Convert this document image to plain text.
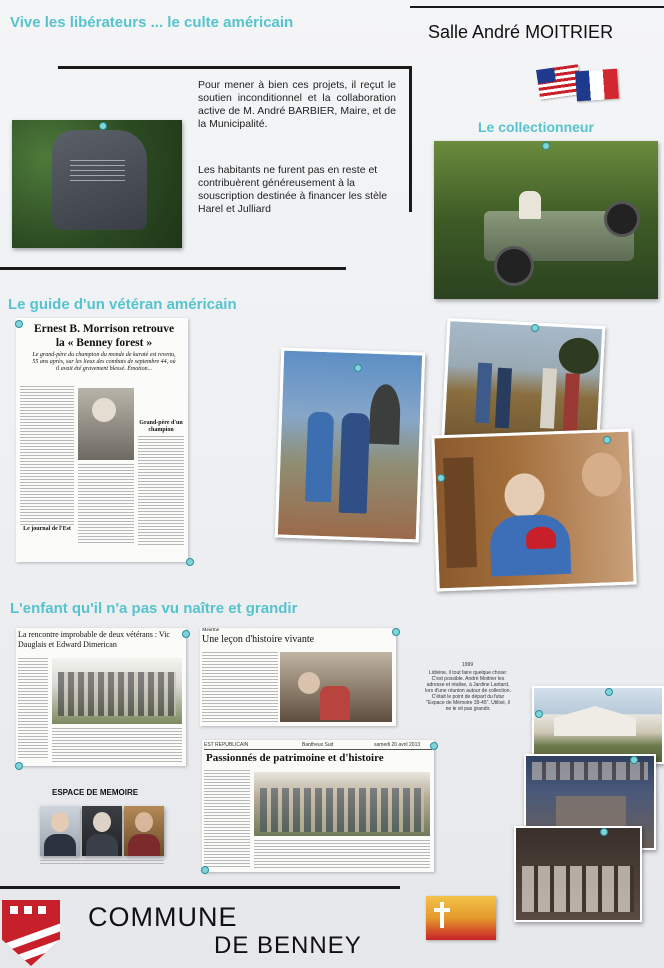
Vive les libérateurs ... le culte américain	Salle André MOITRIER
Pour mener à bien ces projets, il reçut le soutien inconditionnel et la collaboration active de M. André BARBIER, Maire, et de la Municipalité.
Les habitants ne furent pas en reste et contribuèrent généreusement à la souscription destinée à financer les stèle Harel et Julliard
Le collectionneur
Le guide d'un vétéran américain
Ernest B. Morrison retrouve la « Benney forest »
Le grand-père du champion du monde de karaté est revenu, 55 ans après, sur les lieux des combats de septembre 44, où il avait été gravement blessé. Émotion...
Grand-père d'un champion
Le journal de l'Est
L'enfant qu'il n'a pas vu naître et grandir
La rencontre improbable de deux vétérans : Vic Dauglais et Edward Dimerican
Meurthe
Une leçon d'histoire vivante
EST REPUBLICAIN	Bantheux Sud	samedi 20 avril 2013
Passionnés de patrimoine et d'histoire
ESPACE DE MEMOIRE
1999
Lidivine, il tout faire quelque chose: C'est possible. André Moitrier les adresse et réalise, à Jardine Lantard, lors d'une réunion autour de collection. C'était le point de départ du futur "Espace de Mémoire 39-45". Utilisé, il ne le vit pas grandir.
COMMUNE
DE BENNEY
